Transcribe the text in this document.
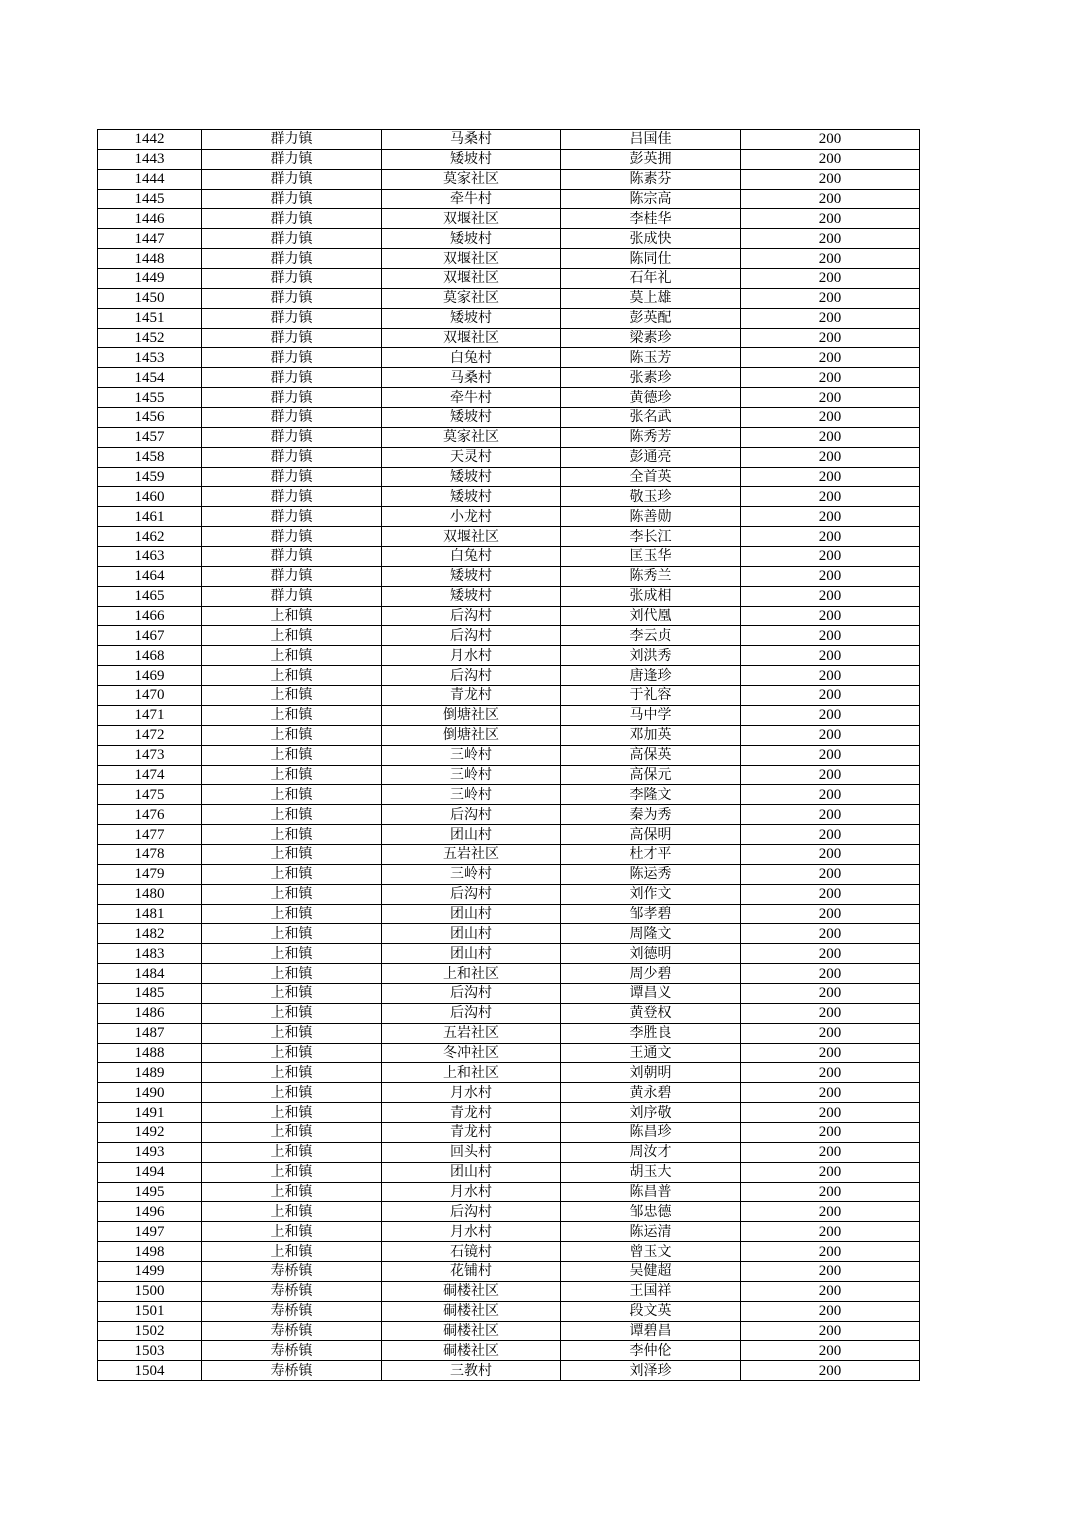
1442	群力镇	马桑村	吕国佳	200
1443	群力镇	矮坡村	彭英拥	200
1444	群力镇	莫家社区	陈素芬	200
1445	群力镇	牵牛村	陈宗高	200
1446	群力镇	双堰社区	李桂华	200
1447	群力镇	矮坡村	张成快	200
1448	群力镇	双堰社区	陈同仕	200
1449	群力镇	双堰社区	石年礼	200
1450	群力镇	莫家社区	莫上雄	200
1451	群力镇	矮坡村	彭英配	200
1452	群力镇	双堰社区	梁素珍	200
1453	群力镇	白兔村	陈玉芳	200
1454	群力镇	马桑村	张素珍	200
1455	群力镇	牵牛村	黄德珍	200
1456	群力镇	矮坡村	张名武	200
1457	群力镇	莫家社区	陈秀芳	200
1458	群力镇	天灵村	彭通亮	200
1459	群力镇	矮坡村	全首英	200
1460	群力镇	矮坡村	敬玉珍	200
1461	群力镇	小龙村	陈善勋	200
1462	群力镇	双堰社区	李长江	200
1463	群力镇	白兔村	匡玉华	200
1464	群力镇	矮坡村	陈秀兰	200
1465	群力镇	矮坡村	张成相	200
1466	上和镇	后沟村	刘代凰	200
1467	上和镇	后沟村	李云贞	200
1468	上和镇	月水村	刘洪秀	200
1469	上和镇	后沟村	唐逢珍	200
1470	上和镇	青龙村	于礼容	200
1471	上和镇	倒塘社区	马中学	200
1472	上和镇	倒塘社区	邓加英	200
1473	上和镇	三岭村	高保英	200
1474	上和镇	三岭村	高保元	200
1475	上和镇	三岭村	李隆文	200
1476	上和镇	后沟村	秦为秀	200
1477	上和镇	团山村	高保明	200
1478	上和镇	五岩社区	杜才平	200
1479	上和镇	三岭村	陈运秀	200
1480	上和镇	后沟村	刘作文	200
1481	上和镇	团山村	邹孝碧	200
1482	上和镇	团山村	周隆文	200
1483	上和镇	团山村	刘德明	200
1484	上和镇	上和社区	周少碧	200
1485	上和镇	后沟村	谭昌义	200
1486	上和镇	后沟村	黄登权	200
1487	上和镇	五岩社区	李胜良	200
1488	上和镇	冬冲社区	王通文	200
1489	上和镇	上和社区	刘朝明	200
1490	上和镇	月水村	黄永碧	200
1491	上和镇	青龙村	刘序敬	200
1492	上和镇	青龙村	陈昌珍	200
1493	上和镇	回头村	周汝才	200
1494	上和镇	团山村	胡玉大	200
1495	上和镇	月水村	陈昌普	200
1496	上和镇	后沟村	邹忠德	200
1497	上和镇	月水村	陈运清	200
1498	上和镇	石镜村	曾玉文	200
1499	寿桥镇	花铺村	吴健超	200
1500	寿桥镇	硐楼社区	王国祥	200
1501	寿桥镇	硐楼社区	段文英	200
1502	寿桥镇	硐楼社区	谭碧昌	200
1503	寿桥镇	硐楼社区	李仲伦	200
1504	寿桥镇	三教村	刘泽珍	200
